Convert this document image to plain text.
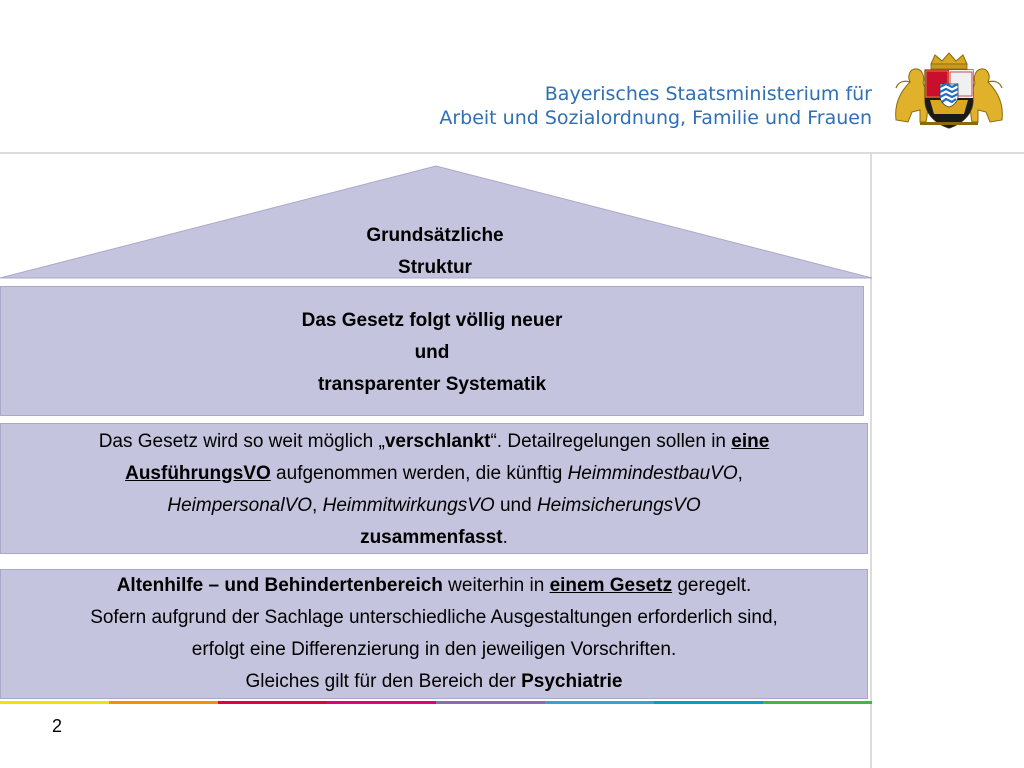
Bayerisches Staatsministerium für
Arbeit und Sozialordnung, Familie und Frauen
Grundsätzliche
Struktur
Das Gesetz folgt völlig neuer
und
transparenter Systematik
Das Gesetz wird so weit möglich „verschlankt“. Detailregelungen sollen in eine
AusführungsVO aufgenommen werden, die künftig HeimmindestbauVO,
HeimpersonalVO, HeimmitwirkungsVO und HeimsicherungsVO
zusammenfasst.
Altenhilfe – und Behindertenbereich weiterhin in einem Gesetz geregelt.
Sofern aufgrund der Sachlage unterschiedliche Ausgestaltungen erforderlich sind,
erfolgt eine Differenzierung in den jeweiligen Vorschriften.
Gleiches gilt für den Bereich der Psychiatrie
2
